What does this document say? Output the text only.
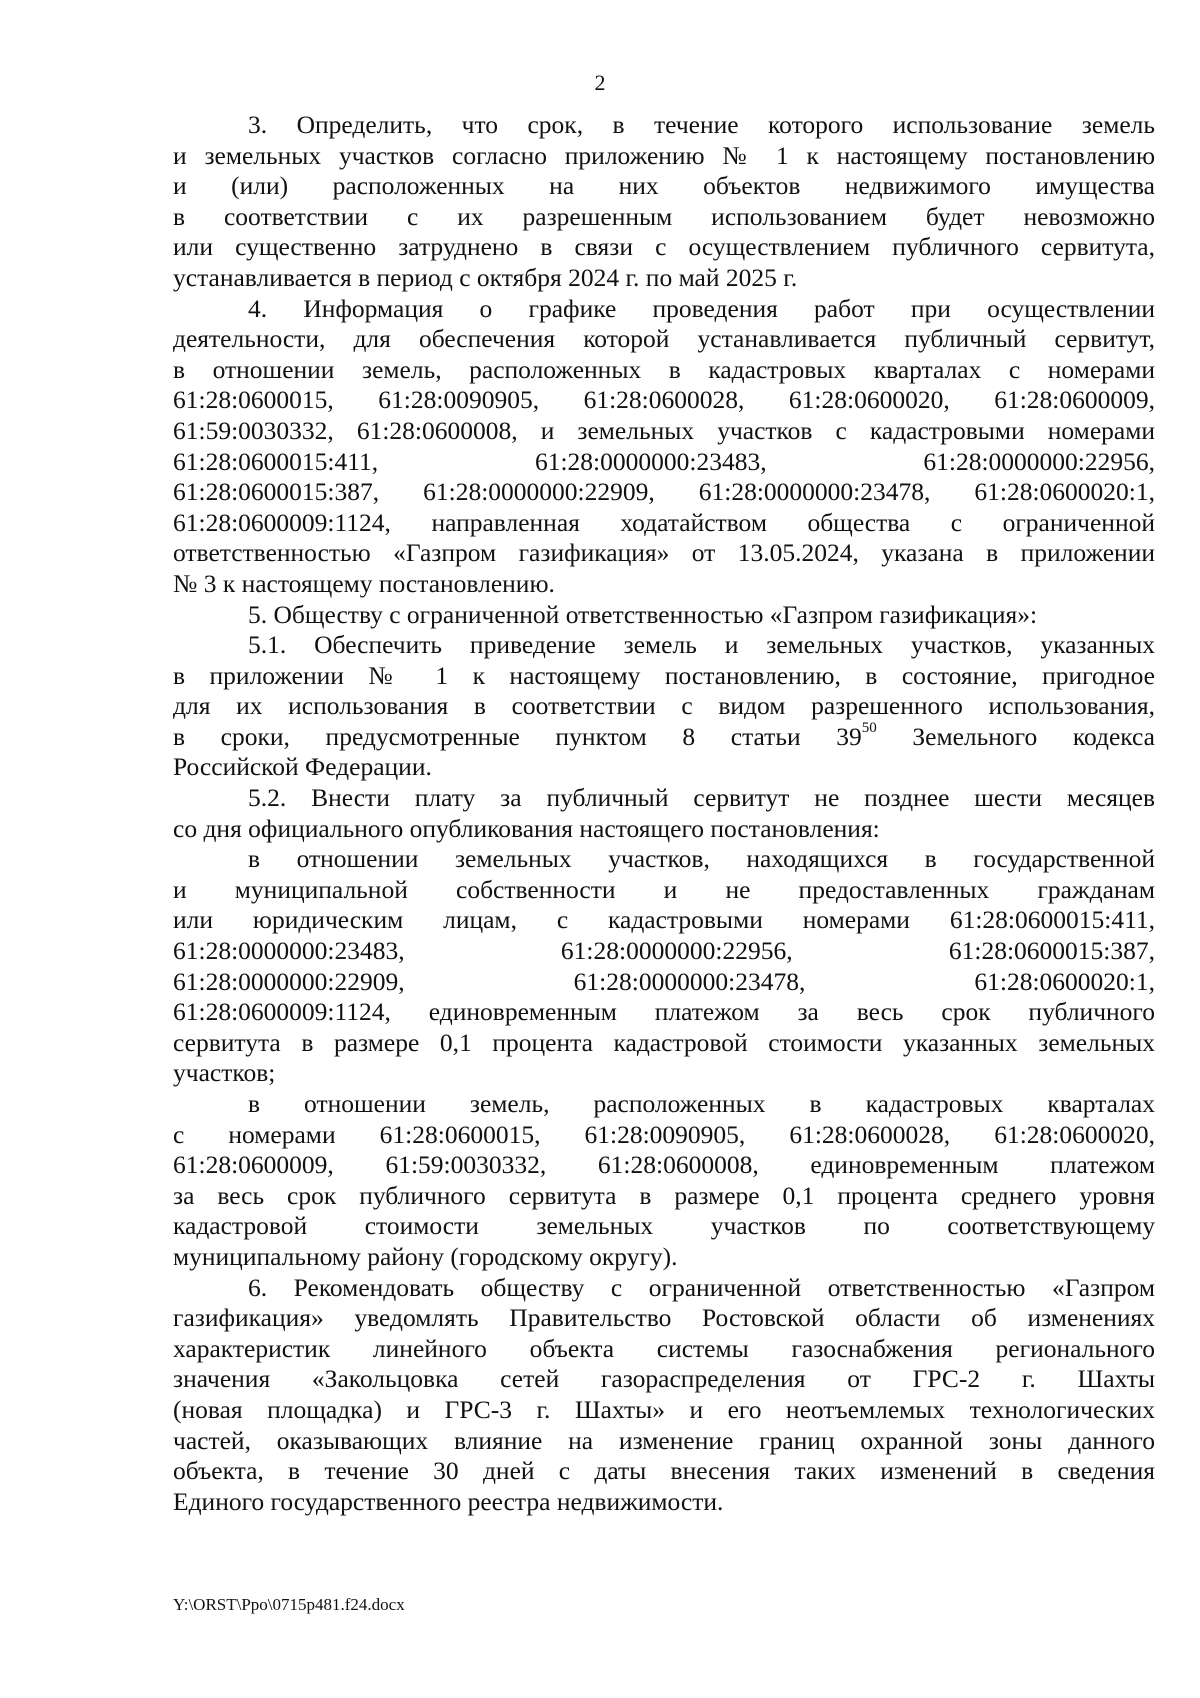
2

3. Определить, что срок, в течение которого использование земель
и земельных участков согласно приложению № 1 к настоящему постановлению
и (или) расположенных на них объектов недвижимого имущества
в соответствии с их разрешенным использованием будет невозможно
или существенно затруднено в связи с осуществлением публичного сервитута,
устанавливается в период с октября 2024 г. по май 2025 г.

4. Информация о графике проведения работ при осуществлении
деятельности, для обеспечения которой устанавливается публичный сервитут,
в отношении земель, расположенных в кадастровых кварталах с номерами
61:28:0600015, 61:28:0090905, 61:28:0600028, 61:28:0600020, 61:28:0600009,
61:59:0030332, 61:28:0600008, и земельных участков с кадастровыми номерами
61:28:0600015:411, 61:28:0000000:23483, 61:28:0000000:22956,
61:28:0600015:387, 61:28:0000000:22909, 61:28:0000000:23478, 61:28:0600020:1,
61:28:0600009:1124, направленная ходатайством общества с ограниченной
ответственностью «Газпром газификация» от 13.05.2024, указана в приложении
№ 3 к настоящему постановлению.

5. Обществу с ограниченной ответственностью «Газпром газификация»:

5.1. Обеспечить приведение земель и земельных участков, указанных
в приложении № 1 к настоящему постановлению, в состояние, пригодное
для их использования в соответствии с видом разрешенного использования,
в сроки, предусмотренные пунктом 8 статьи $39^{50}$ Земельного кодекса
Российской Федерации.

5.2. Внести плату за публичный сервитут не позднее шести месяцев
со дня официального опубликования настоящего постановления:

в отношении земельных участков, находящихся в государственной
и муниципальной собственности и не предоставленных гражданам
или юридическим лицам, с кадастровыми номерами 61:28:0600015:411,
61:28:0000000:23483, 61:28:0000000:22956, 61:28:0600015:387,
61:28:0000000:22909, 61:28:0000000:23478, 61:28:0600020:1,
61:28:0600009:1124, единовременным платежом за весь срок публичного
сервитута в размере 0,1 процента кадастровой стоимости указанных земельных
участков;

в отношении земель, расположенных в кадастровых кварталах
с номерами 61:28:0600015, 61:28:0090905, 61:28:0600028, 61:28:0600020,
61:28:0600009, 61:59:0030332, 61:28:0600008, единовременным платежом
за весь срок публичного сервитута в размере 0,1 процента среднего уровня
кадастровой стоимости земельных участков по соответствующему
муниципальному району (городскому округу).

6. Рекомендовать обществу с ограниченной ответственностью «Газпром
газификация» уведомлять Правительство Ростовской области об изменениях
характеристик линейного объекта системы газоснабжения регионального
значения «Закольцовка сетей газораспределения от ГРС-2 г. Шахты
(новая площадка) и ГРС-3 г. Шахты» и его неотъемлемых технологических
частей, оказывающих влияние на изменение границ охранной зоны данного
объекта, в течение 30 дней с даты внесения таких изменений в сведения
Единого государственного реестра недвижимости.

Y:\ORST\Ppo\0715p481.f24.docx
